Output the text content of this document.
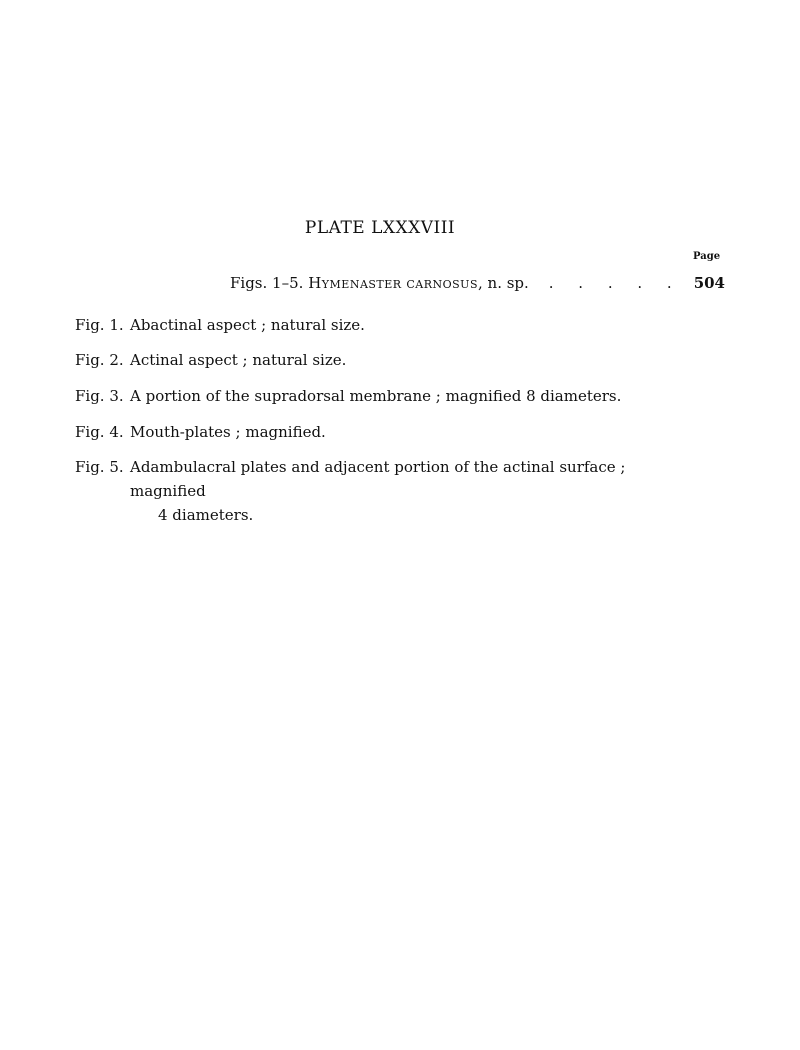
PLATE LXXXVIII
Page
Figs. 1–5.
Hymenaster
carnosus , n. sp.	. . . . . 504
Fig. 1. Abactinal aspect ; natural size.
Fig. 2. Actinal aspect ; natural size.
Fig. 3. A portion of the supradorsal membrane ; magnified 8 diameters.
Fig. 4. Mouth-plates ; magnified.
Fig. 5. Adambulacral plates and adjacent portion of the actinal surface ; magnified
4 diameters.
